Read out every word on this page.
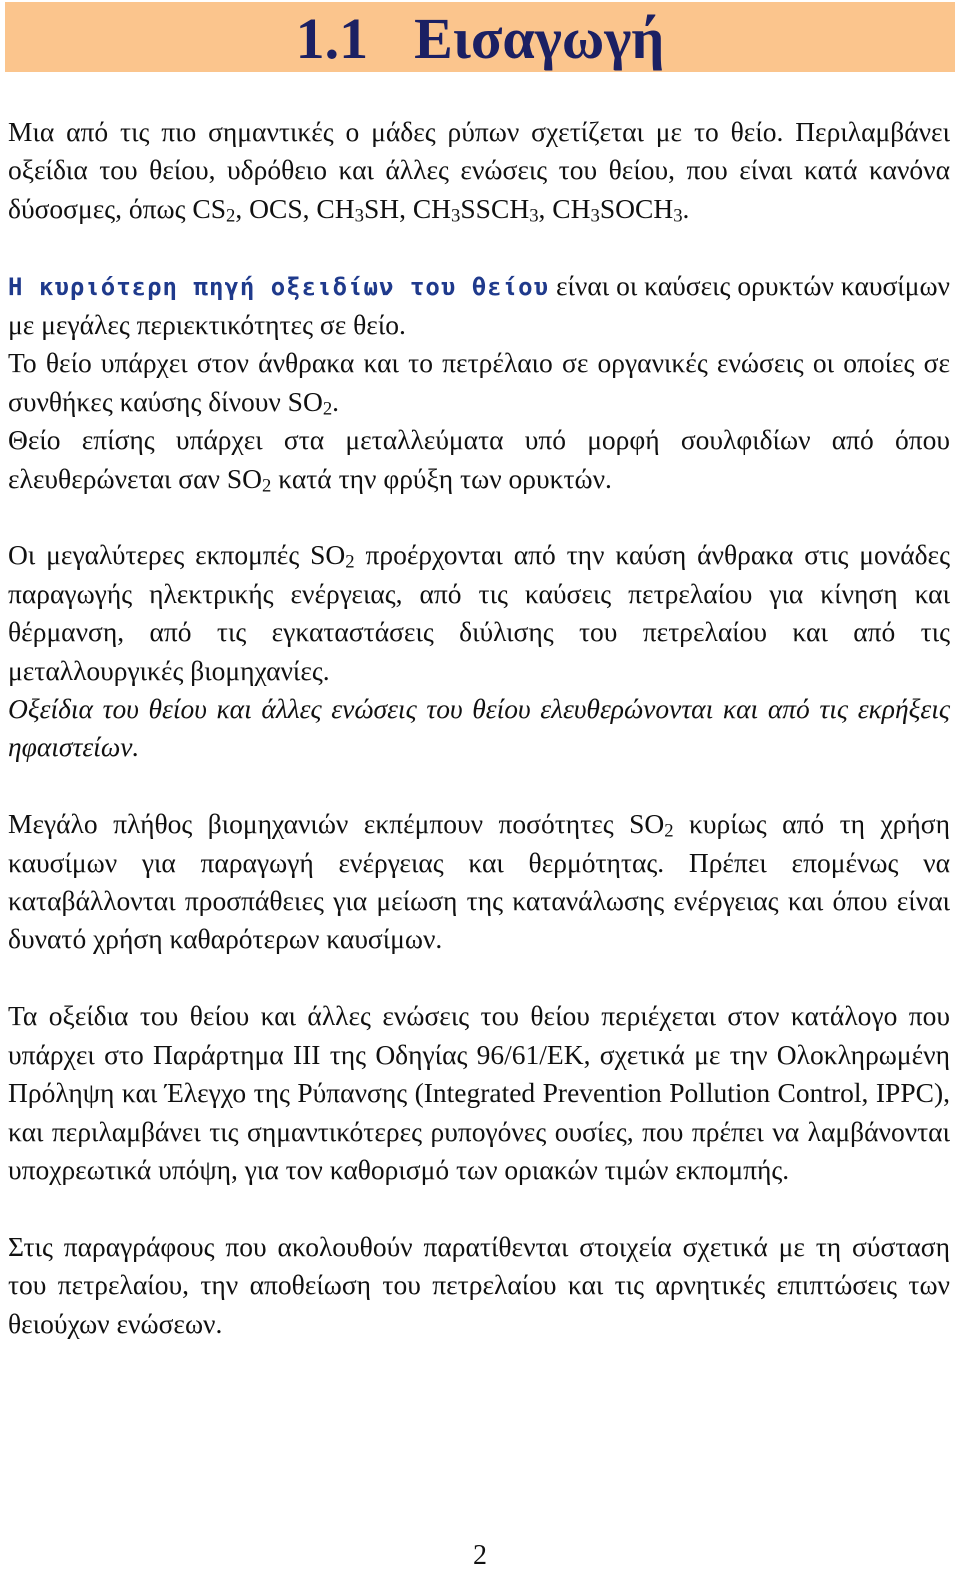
1.1 Εισαγωγή

Μια από τις πιο σημαντικές ο μάδες ρύπων σχετίζεται με το θείο. Περιλαμβάνει οξείδια του θείου, υδρόθειο και άλλες ενώσεις του θείου, που είναι κατά κανόνα δύσοσμες, όπως $CS_2$, OCS, $CH_3SH$, $CH_3SSCH_3$, $CH_3SOCH_3$.

Η κυριότερη πηγή οξειδίων του θείου είναι οι καύσεις ορυκτών καυσίμων με μεγάλες περιεκτικότητες σε θείο.

Το θείο υπάρχει στον άνθρακα και το πετρέλαιο σε οργανικές ενώσεις οι οποίες σε συνθήκες καύσης δίνουν $SO_2$.

Θείο επίσης υπάρχει στα μεταλλεύματα υπό μορφή σουλφιδίων από όπου ελευθερώνεται σαν $SO_2$ κατά την φρύξη των ορυκτών.

Οι μεγαλύτερες εκπομπές $SO_2$ προέρχονται από την καύση άνθρακα στις μονάδες παραγωγής ηλεκτρικής ενέργειας, από τις καύσεις πετρελαίου για κίνηση και θέρμανση, από τις εγκαταστάσεις διύλισης του πετρελαίου και από τις μεταλλουργικές βιομηχανίες.

Οξείδια του θείου και άλλες ενώσεις του θείου ελευθερώνονται και από τις εκρήξεις ηφαιστείων.

Μεγάλο πλήθος βιομηχανιών εκπέμπουν ποσότητες $SO_2$ κυρίως από τη χρήση καυσίμων για παραγωγή ενέργειας και θερμότητας. Πρέπει επομένως να καταβάλλονται προσπάθειες για μείωση της κατανάλωσης ενέργειας και όπου είναι δυνατό χρήση καθαρότερων καυσίμων.

Τα οξείδια του θείου και άλλες ενώσεις του θείου περιέχεται στον κατάλογο που υπάρχει στο Παράρτημα ΙΙΙ της Οδηγίας 96/61/ΕΚ, σχετικά με την Ολοκληρωμένη Πρόληψη και Έλεγχο της Ρύπανσης (Integrated Prevention Pollution Control, IPPC), και περιλαμβάνει τις σημαντικότερες ρυπογόνες ουσίες, που πρέπει να λαμβάνονται υποχρεωτικά υπόψη, για τον καθορισμό των οριακών τιμών εκπομπής.

Στις παραγράφους που ακολουθούν παρατίθενται στοιχεία σχετικά με τη σύσταση του πετρελαίου, την αποθείωση του πετρελαίου και τις αρνητικές επιπτώσεις των θειούχων ενώσεων.

2
